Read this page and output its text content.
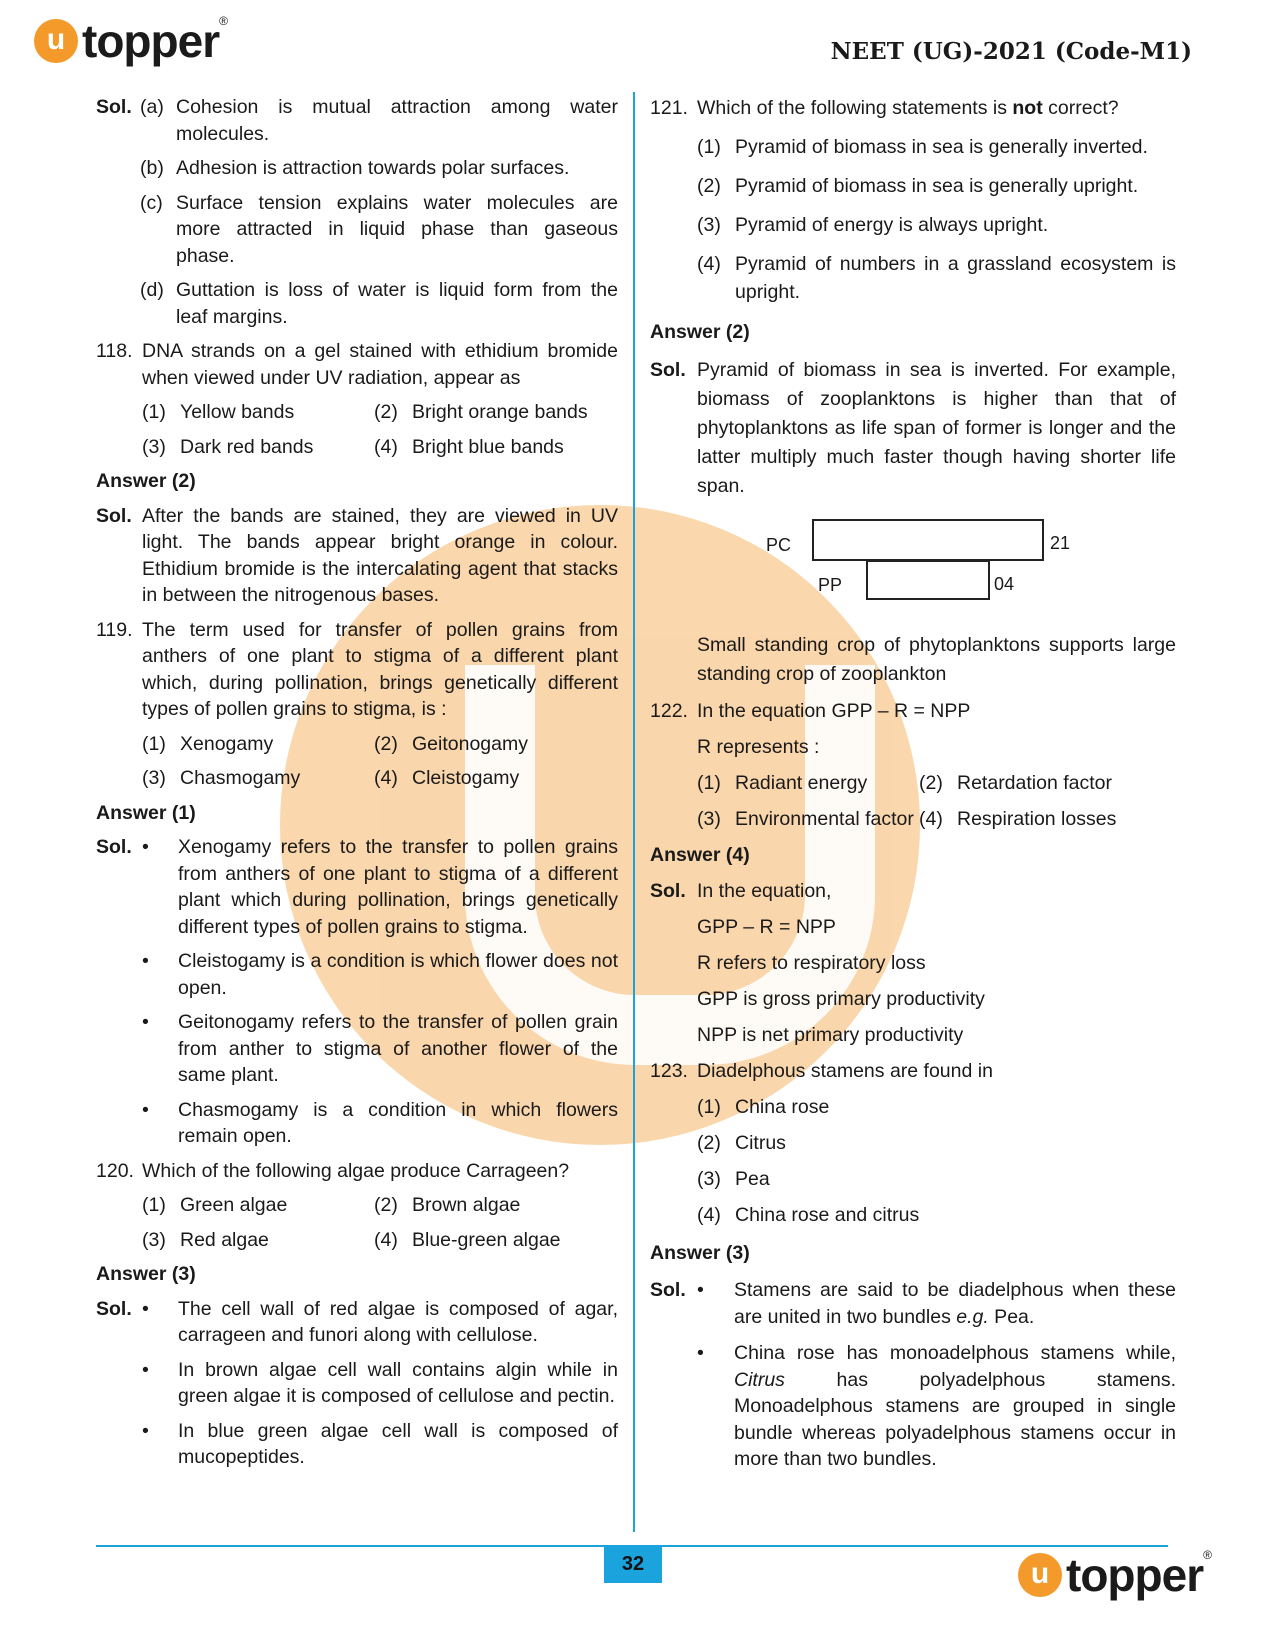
u topper ®
NEET (UG)-2021 (Code-M1)
Sol. (a) Cohesion is mutual attraction among water molecules.
(b) Adhesion is attraction towards polar surfaces.
(c) Surface tension explains water molecules are more attracted in liquid phase than gaseous phase.
(d) Guttation is loss of water is liquid form from the leaf margins.
118. DNA strands on a gel stained with ethidium bromide when viewed under UV radiation, appear as
(1) Yellow bands	(2) Bright orange bands
(3) Dark red bands	(4) Bright blue bands
Answer (2)
Sol. After the bands are stained, they are viewed in UV light. The bands appear bright orange in colour. Ethidium bromide is the intercalating agent that stacks in between the nitrogenous bases.
119. The term used for transfer of pollen grains from anthers of one plant to stigma of a different plant which, during pollination, brings genetically different types of pollen grains to stigma, is :
(1) Xenogamy	(2) Geitonogamy
(3) Chasmogamy	(4) Cleistogamy
Answer (1)
Sol. •	Xenogamy refers to the transfer to pollen grains from anthers of one plant to stigma of a different plant which during pollination, brings genetically different types of pollen grains to stigma.
•	Cleistogamy is a condition is which flower does not open.
•	Geitonogamy refers to the transfer of pollen grain from anther to stigma of another flower of the same plant.
•	Chasmogamy is a condition in which flowers remain open.
120. Which of the following algae produce Carrageen?
(1) Green algae	(2) Brown algae
(3) Red algae	(4) Blue-green algae
Answer (3)
Sol. •	The cell wall of red algae is composed of agar, carrageen and funori along with cellulose.
•	In brown algae cell wall contains algin while in green algae it is composed of cellulose and pectin.
•	In blue green algae cell wall is composed of mucopeptides.
121. Which of the following statements is not correct?
(1) Pyramid of biomass in sea is generally inverted.
(2) Pyramid of biomass in sea is generally upright.
(3) Pyramid of energy is always upright.
(4) Pyramid of numbers in a grassland ecosystem is upright.
Answer (2)
Sol. Pyramid of biomass in sea is inverted. For example, biomass of zooplanktons is higher than that of phytoplanktons as life span of former is longer and the latter multiply much faster though having shorter life span.
PC	21
PP	04
Small standing crop of phytoplanktons supports large standing crop of zooplankton
122. In the equation GPP – R = NPP
R represents :
(1) Radiant energy	(2) Retardation factor
(3) Environmental factor (4) Respiration losses
Answer (4)
Sol. In the equation,
GPP – R = NPP
R refers to respiratory loss
GPP is gross primary productivity
NPP is net primary productivity
123. Diadelphous stamens are found in
(1) China rose
(2) Citrus
(3) Pea
(4) China rose and citrus
Answer (3)
Sol. •	Stamens are said to be diadelphous when these are united in two bundles e.g. Pea.
•	China rose has monoadelphous stamens while, Citrus has polyadelphous stamens. Monoadelphous stamens are grouped in single bundle whereas polyadelphous stamens occur in more than two bundles.
32	u topper ®
